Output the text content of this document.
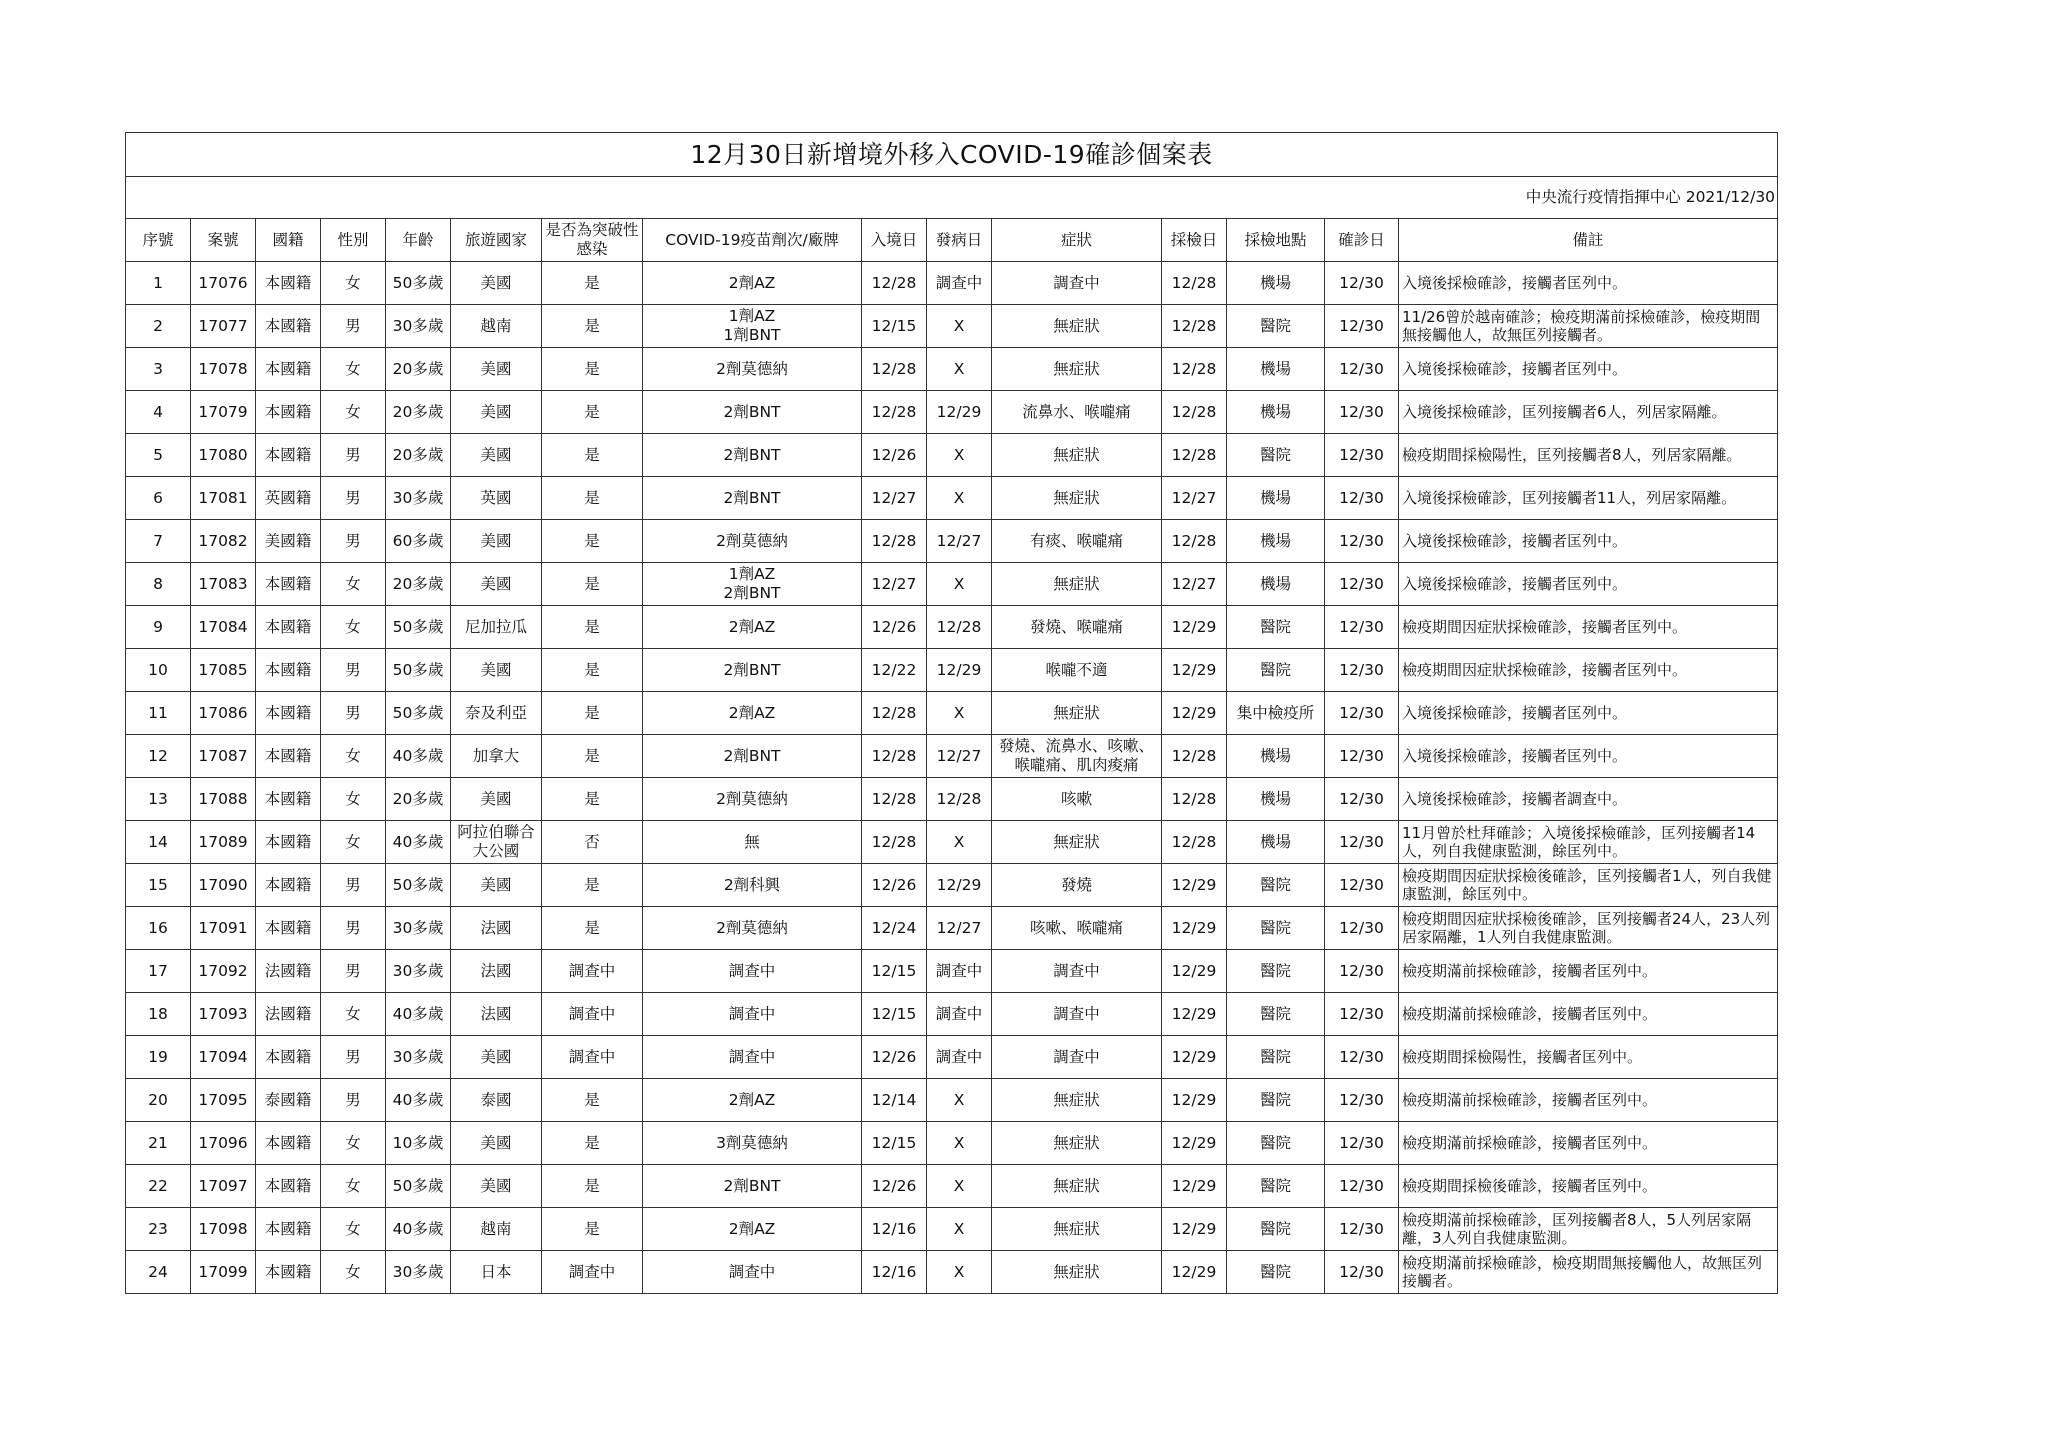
12月30日新增境外移入COVID-19確診個案表														
中央流行疫情指揮中心 2021/12/30														
序號	案號	國籍	性別	年齡	旅遊國家	是否為突破性感染	COVID-19疫苗劑次/廠牌	入境日	發病日	症狀	採檢日	採檢地點	確診日	備註
1	17076	本國籍	女	50多歲	美國	是	2劑AZ	12/28	調查中	調查中	12/28	機場	12/30	入境後採檢確診，接觸者匡列中。
2	17077	本國籍	男	30多歲	越南	是	1劑AZ
1劑BNT	12/15	X	無症狀	12/28	醫院	12/30	11/26曾於越南確診；檢疫期滿前採檢確診，檢疫期間無接觸他人，故無匡列接觸者。
3	17078	本國籍	女	20多歲	美國	是	2劑莫德納	12/28	X	無症狀	12/28	機場	12/30	入境後採檢確診，接觸者匡列中。
4	17079	本國籍	女	20多歲	美國	是	2劑BNT	12/28	12/29	流鼻水、喉嚨痛	12/28	機場	12/30	入境後採檢確診，匡列接觸者6人，列居家隔離。
5	17080	本國籍	男	20多歲	美國	是	2劑BNT	12/26	X	無症狀	12/28	醫院	12/30	檢疫期間採檢陽性，匡列接觸者8人，列居家隔離。
6	17081	英國籍	男	30多歲	英國	是	2劑BNT	12/27	X	無症狀	12/27	機場	12/30	入境後採檢確診，匡列接觸者11人，列居家隔離。
7	17082	美國籍	男	60多歲	美國	是	2劑莫德納	12/28	12/27	有痰、喉嚨痛	12/28	機場	12/30	入境後採檢確診，接觸者匡列中。
8	17083	本國籍	女	20多歲	美國	是	1劑AZ
2劑BNT	12/27	X	無症狀	12/27	機場	12/30	入境後採檢確診，接觸者匡列中。
9	17084	本國籍	女	50多歲	尼加拉瓜	是	2劑AZ	12/26	12/28	發燒、喉嚨痛	12/29	醫院	12/30	檢疫期間因症狀採檢確診，接觸者匡列中。
10	17085	本國籍	男	50多歲	美國	是	2劑BNT	12/22	12/29	喉嚨不適	12/29	醫院	12/30	檢疫期間因症狀採檢確診，接觸者匡列中。
11	17086	本國籍	男	50多歲	奈及利亞	是	2劑AZ	12/28	X	無症狀	12/29	集中檢疫所	12/30	入境後採檢確診，接觸者匡列中。
12	17087	本國籍	女	40多歲	加拿大	是	2劑BNT	12/28	12/27	發燒、流鼻水、咳嗽、
喉嚨痛、肌肉痠痛	12/28	機場	12/30	入境後採檢確診，接觸者匡列中。
13	17088	本國籍	女	20多歲	美國	是	2劑莫德納	12/28	12/28	咳嗽	12/28	機場	12/30	入境後採檢確診，接觸者調查中。
14	17089	本國籍	女	40多歲	阿拉伯聯合
大公國	否	無	12/28	X	無症狀	12/28	機場	12/30	11月曾於杜拜確診；入境後採檢確診，匡列接觸者14人，列自我健康監測，餘匡列中。
15	17090	本國籍	男	50多歲	美國	是	2劑科興	12/26	12/29	發燒	12/29	醫院	12/30	檢疫期間因症狀採檢後確診，匡列接觸者1人，列自我健康監測，餘匡列中。
16	17091	本國籍	男	30多歲	法國	是	2劑莫德納	12/24	12/27	咳嗽、喉嚨痛	12/29	醫院	12/30	檢疫期間因症狀採檢後確診，匡列接觸者24人，23人列居家隔離，1人列自我健康監測。
17	17092	法國籍	男	30多歲	法國	調查中	調查中	12/15	調查中	調查中	12/29	醫院	12/30	檢疫期滿前採檢確診，接觸者匡列中。
18	17093	法國籍	女	40多歲	法國	調查中	調查中	12/15	調查中	調查中	12/29	醫院	12/30	檢疫期滿前採檢確診，接觸者匡列中。
19	17094	本國籍	男	30多歲	美國	調查中	調查中	12/26	調查中	調查中	12/29	醫院	12/30	檢疫期間採檢陽性，接觸者匡列中。
20	17095	泰國籍	男	40多歲	泰國	是	2劑AZ	12/14	X	無症狀	12/29	醫院	12/30	檢疫期滿前採檢確診，接觸者匡列中。
21	17096	本國籍	女	10多歲	美國	是	3劑莫德納	12/15	X	無症狀	12/29	醫院	12/30	檢疫期滿前採檢確診，接觸者匡列中。
22	17097	本國籍	女	50多歲	美國	是	2劑BNT	12/26	X	無症狀	12/29	醫院	12/30	檢疫期間採檢後確診，接觸者匡列中。
23	17098	本國籍	女	40多歲	越南	是	2劑AZ	12/16	X	無症狀	12/29	醫院	12/30	檢疫期滿前採檢確診，匡列接觸者8人，5人列居家隔離，3人列自我健康監測。
24	17099	本國籍	女	30多歲	日本	調查中	調查中	12/16	X	無症狀	12/29	醫院	12/30	檢疫期滿前採檢確診，檢疫期間無接觸他人，故無匡列接觸者。
